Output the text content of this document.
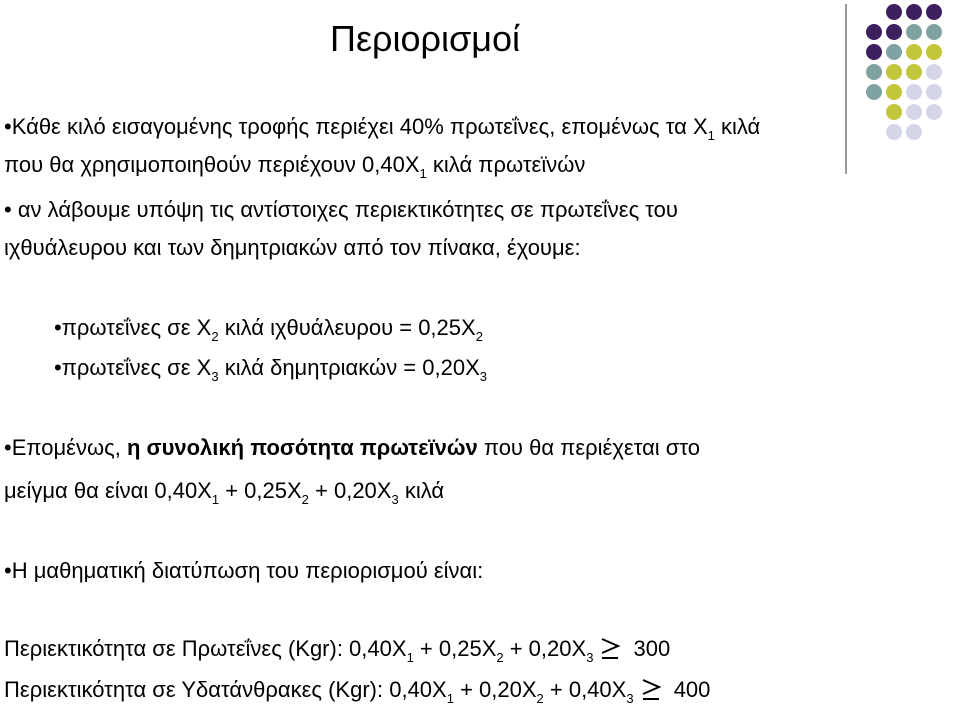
Περιορισμοί
•Κάθε κιλό εισαγομένης τροφής περιέχει 40% πρωτεΐνες, επομένως τα $X_1$ κιλά
που θα χρησιμοποιηθούν περιέχουν $0,40X_1$ κιλά πρωτεϊνών
• αν λάβουμε υπόψη τις αντίστοιχες περιεκτικότητες σε πρωτεΐνες του
ιχθυάλευρου και των δημητριακών από τον πίνακα, έχουμε:
•πρωτεΐνες σε $X_2$ κιλά $\iota\chi\theta\upsilon ά\lambda\varepsilon\upsilon\rho o\upsilon = 0,25X_2$
•πρωτεΐνες σε $X_3$ κιλά $\delta\eta\mu\eta\tau\rho\iota\alpha\kappa ώ\nu = 0,20X_3$
•Επομένως, η συνολική ποσότητα πρωτεϊνών που θα περιέχεται στο
μείγμα θα είναι $0,40X_1 + 0,25X_2 + 0,20X_3$ κιλά
•Η μαθηματική διατύπωση του περιορισμού είναι:
Περιεκτικότητα σε Πρωτεΐνες (Kgr): $0,40X_1 + 0,25X_2 + 0,20X_3$ 300
Περιεκτικότητα σε Υδατάνθρακες (Kgr): $0,40X_1 + 0,20X_2 + 0,40X_3$ 400
